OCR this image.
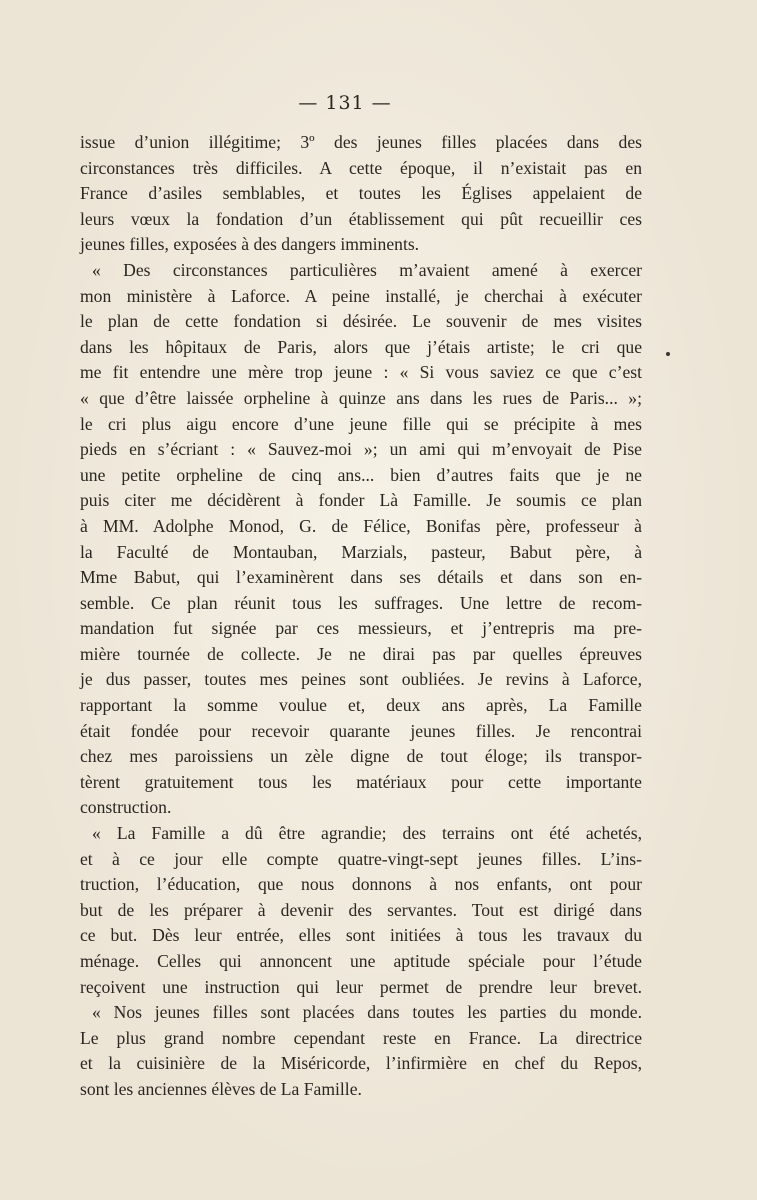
— 131 —
issue d’union illégitime; 3º des jeunes filles placées dans des
circonstances très difficiles. A cette époque, il n’existait pas en
France d’asiles semblables, et toutes les Églises appelaient de
leurs vœux la fondation d’un établissement qui pût recueillir ces
jeunes filles, exposées à des dangers imminents.
« Des circonstances particulières m’avaient amené à exercer
mon ministère à Laforce. A peine installé, je cherchai à exécuter
le plan de cette fondation si désirée. Le souvenir de mes visites
dans les hôpitaux de Paris, alors que j’étais artiste; le cri que
me fit entendre une mère trop jeune : « Si vous saviez ce que c’est
« que d’être laissée orpheline à quinze ans dans les rues de Paris... »;
le cri plus aigu encore d’une jeune fille qui se précipite à mes
pieds en s’écriant : « Sauvez-moi »; un ami qui m’envoyait de Pise
une petite orpheline de cinq ans... bien d’autres faits que je ne
puis citer me décidèrent à fonder Là Famille. Je soumis ce plan
à MM. Adolphe Monod, G. de Félice, Bonifas père, professeur à
la Faculté de Montauban, Marzials, pasteur, Babut père, à
Mme Babut, qui l’examinèrent dans ses détails et dans son en-
semble. Ce plan réunit tous les suffrages. Une lettre de recom-
mandation fut signée par ces messieurs, et j’entrepris ma pre-
mière tournée de collecte. Je ne dirai pas par quelles épreuves
je dus passer, toutes mes peines sont oubliées. Je revins à Laforce,
rapportant la somme voulue et, deux ans après, La Famille
était fondée pour recevoir quarante jeunes filles. Je rencontrai
chez mes paroissiens un zèle digne de tout éloge; ils transpor-
tèrent gratuitement tous les matériaux pour cette importante
construction.
« La Famille a dû être agrandie; des terrains ont été achetés,
et à ce jour elle compte quatre-vingt-sept jeunes filles. L’ins-
truction, l’éducation, que nous donnons à nos enfants, ont pour
but de les préparer à devenir des servantes. Tout est dirigé dans
ce but. Dès leur entrée, elles sont initiées à tous les travaux du
ménage. Celles qui annoncent une aptitude spéciale pour l’étude
reçoivent une instruction qui leur permet de prendre leur brevet.
« Nos jeunes filles sont placées dans toutes les parties du monde.
Le plus grand nombre cependant reste en France. La directrice
et la cuisinière de la Miséricorde, l’infirmière en chef du Repos,
sont les anciennes élèves de La Famille.
